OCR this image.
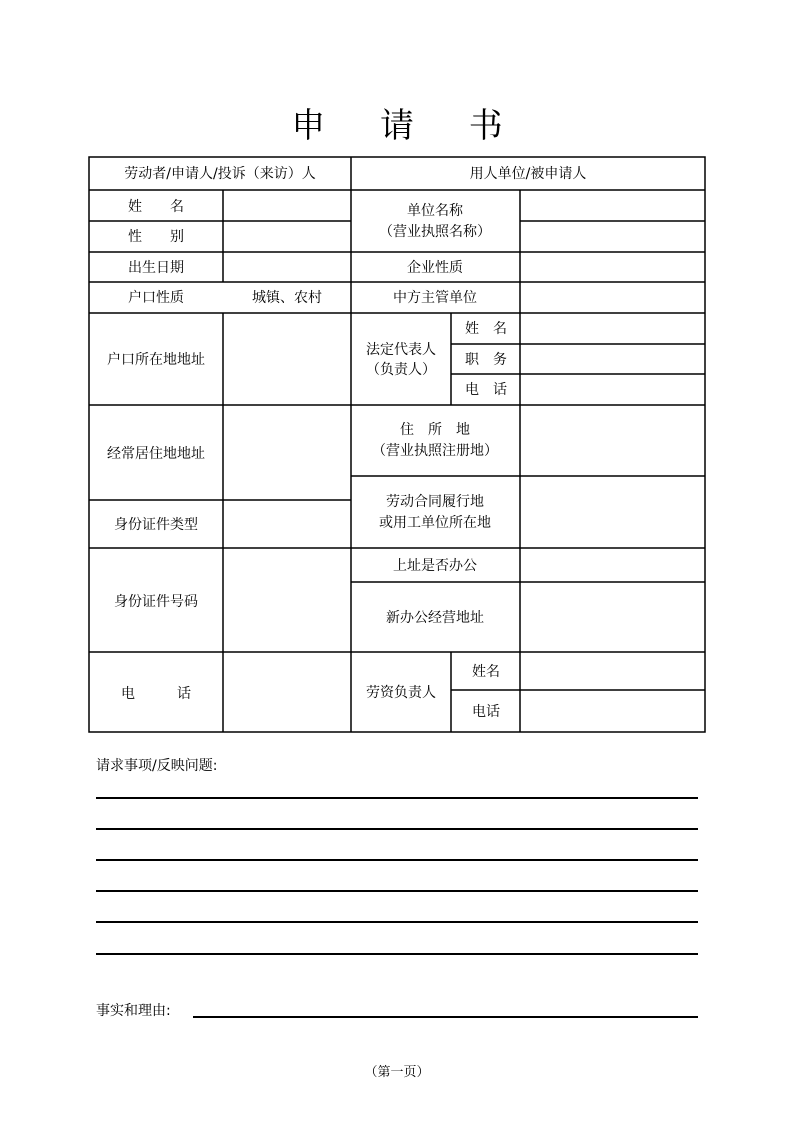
申 请 书
劳动者/申请人/投诉（来访）人	用人单位/被申请人
姓　　名
性　　别
出生日期
户口性质	城镇、农村
户口所在地地址
经常居住地地址
身份证件类型
身份证件号码
电　　　话
单位名称
（营业执照名称）
企业性质
中方主管单位
法定代表人
（负责人）
姓　名
职　务
电　话
住　所　地
（营业执照注册地）
劳动合同履行地
或用工单位所在地
上址是否办公
新办公经营地址
劳资负责人
姓名
电话
请求事项/反映问题:
事实和理由:
（第一页）
